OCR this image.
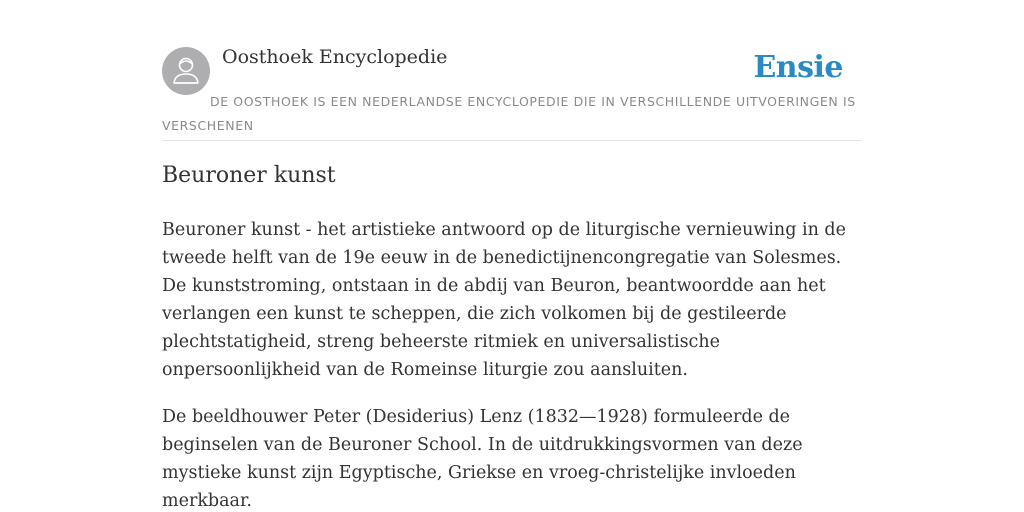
Oosthoek Encyclopedie	Ensie
DE OOSTHOEK IS EEN NEDERLANDSE ENCYCLOPEDIE DIE IN VERSCHILLENDE UITVOERINGEN IS VERSCHENEN
Beuroner kunst

Beuroner kunst - het artistieke antwoord op de liturgische vernieuwing in de tweede helft van de 19e eeuw in de benedictijnencongregatie van Solesmes. De kunststroming, ontstaan in de abdij van Beuron, beantwoordde aan het verlangen een kunst te scheppen, die zich volkomen bij de gestileerde plechtstatigheid, streng beheerste ritmiek en universalistische onpersoonlijkheid van de Romeinse liturgie zou aansluiten.

De beeldhouwer Peter (Desiderius) Lenz (1832—1928) formuleerde de beginselen van de Beuroner School. In de uitdrukkingsvormen van deze mystieke kunst zijn Egyptische, Griekse en vroeg-christelijke invloeden merkbaar.
